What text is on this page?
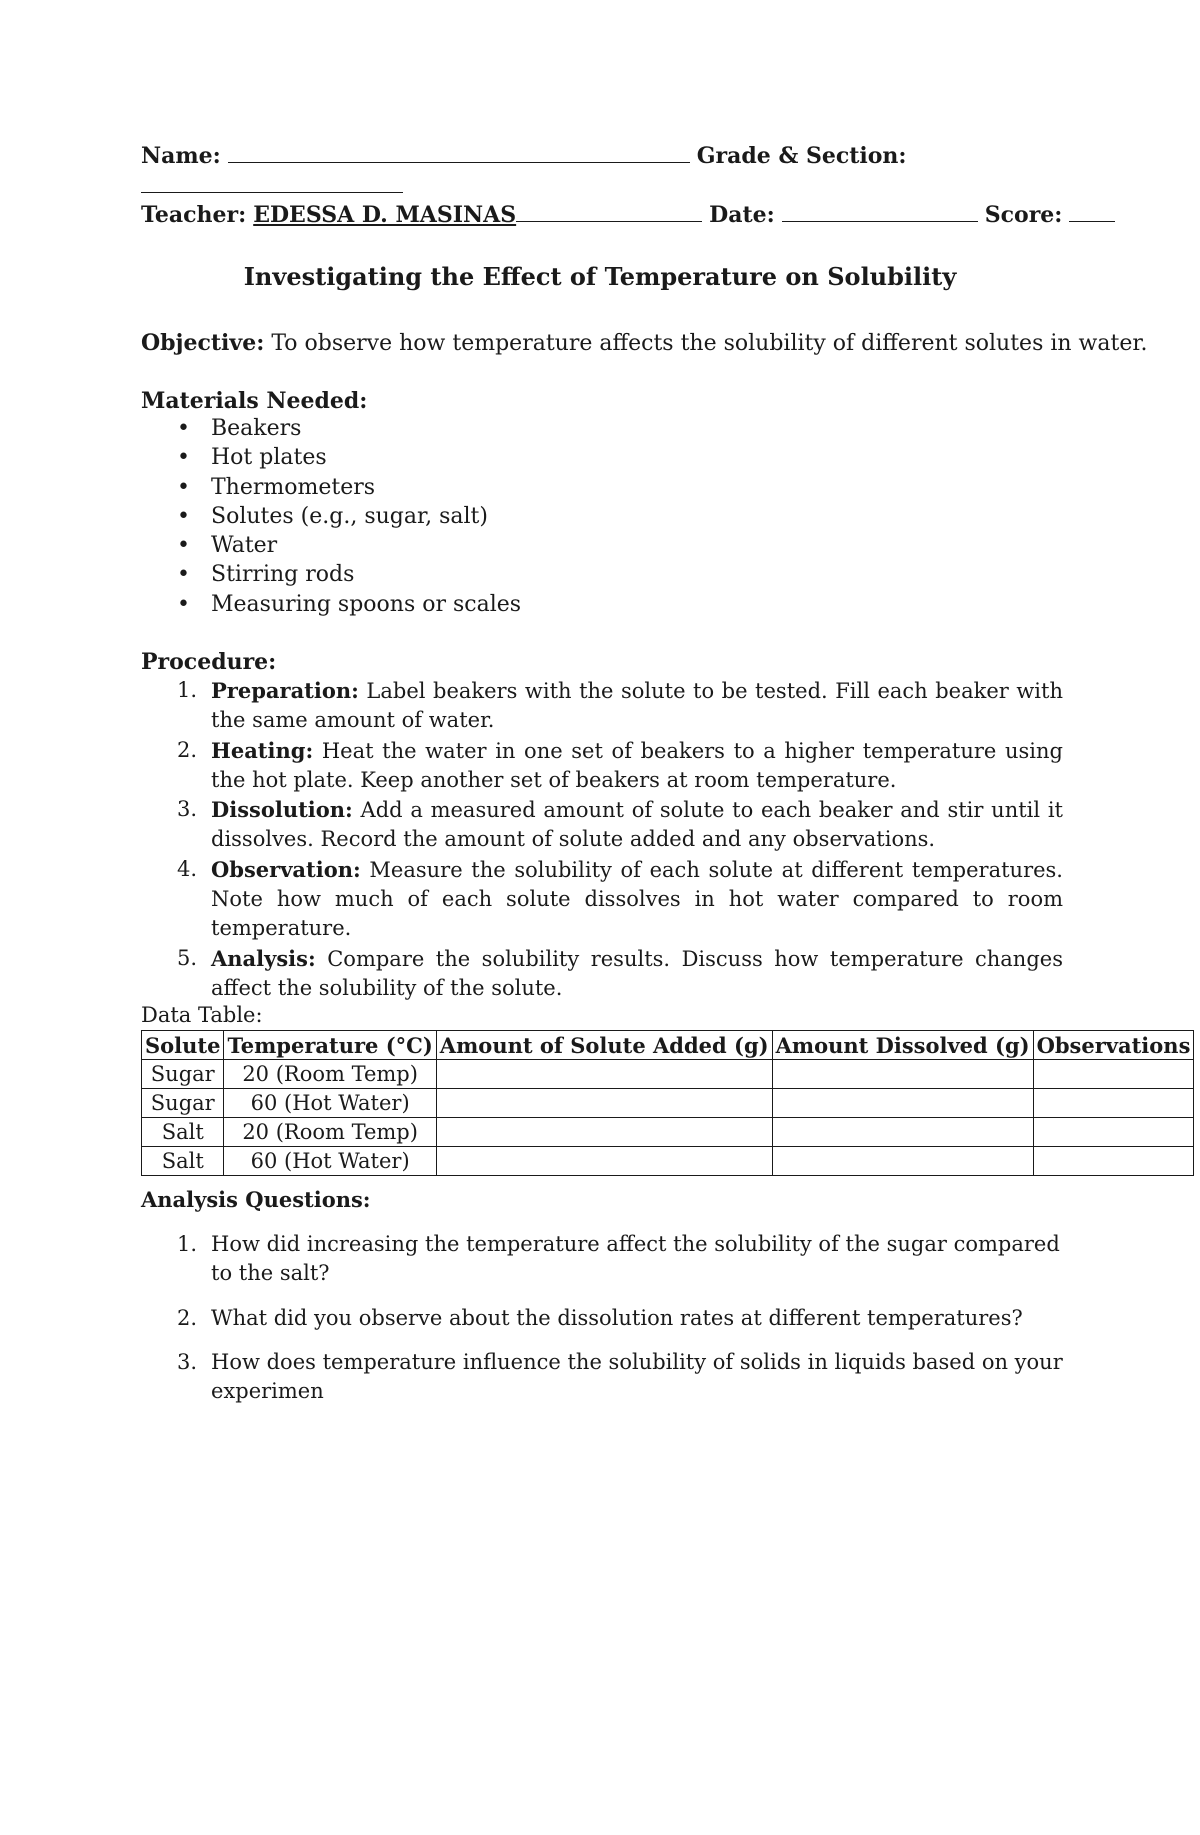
Name:	Grade & Section:
Teacher: EDESSA D. MASINAS	Date:	Score:
Investigating the Effect of Temperature on Solubility
Objective: To observe how temperature affects the solubility of different solutes in water.
Materials Needed:
• Beakers
• Hot plates
• Thermometers
• Solutes (e.g., sugar, salt)
• Water
• Stirring rods
• Measuring spoons or scales
Procedure:
1. Preparation: Label beakers with the solute to be tested. Fill each beaker with the same amount of water.
2. Heating: Heat the water in one set of beakers to a higher temperature using the hot plate. Keep another set of beakers at room temperature.
3. Dissolution: Add a measured amount of solute to each beaker and stir until it dissolves. Record the amount of solute added and any observations.
4. Observation: Measure the solubility of each solute at different temperatures. Note how much of each solute dissolves in hot water compared to room temperature.
5. Analysis: Compare the solubility results. Discuss how temperature changes affect the solubility of the solute.
Data Table:
Solute	Temperature (°C)	Amount of Solute Added (g)	Amount Dissolved (g)	Observations
Sugar	20 (Room Temp)			
Sugar	60 (Hot Water)			
Salt	20 (Room Temp)			
Salt	60 (Hot Water)			
Analysis Questions:
1. How did increasing the temperature affect the solubility of the sugar compared to the salt?
2. What did you observe about the dissolution rates at different temperatures?
3. How does temperature influence the solubility of solids in liquids based on your experimen
